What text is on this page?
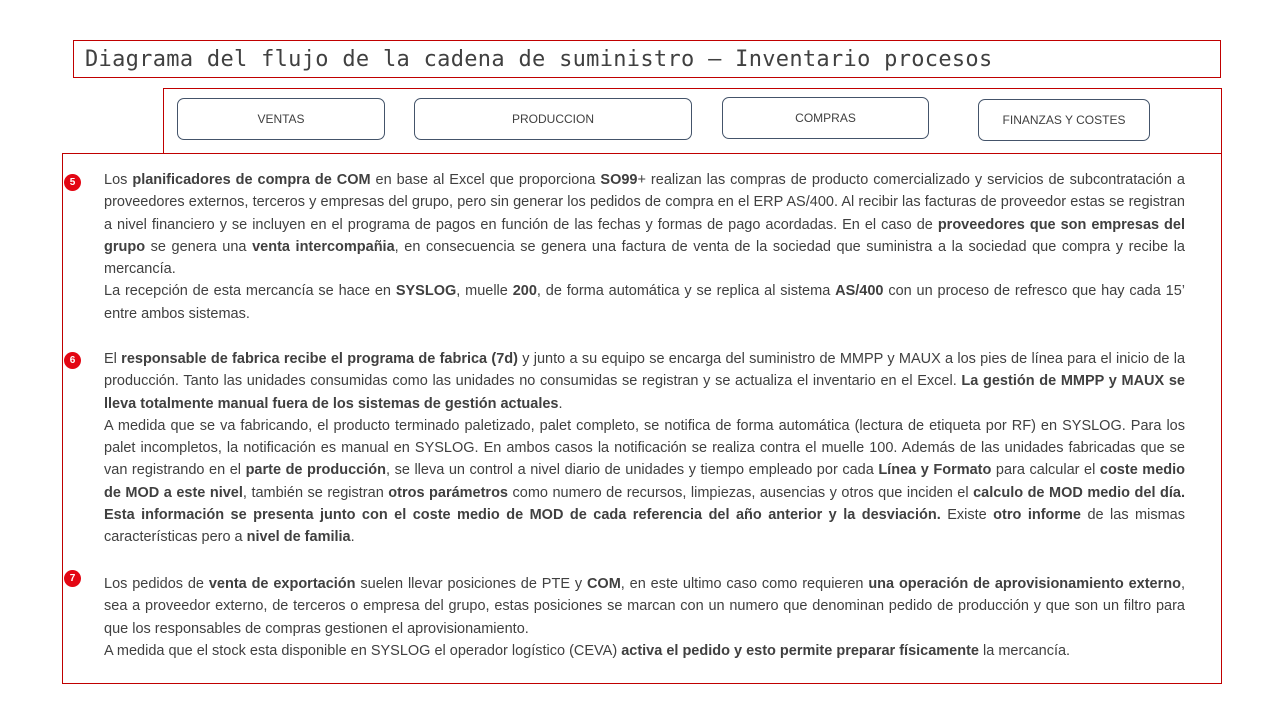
Diagrama del flujo de la cadena de suministro – Inventario procesos
VENTAS	PRODUCCION	COMPRAS	FINANZAS Y COSTES
5
6
7

Los planificadores de compra de COM en base al Excel que proporciona SO99+ realizan las compras de producto comercializado y servicios de subcontratación a proveedores externos, terceros y empresas del grupo, pero sin generar los pedidos de compra en el ERP AS/400. Al recibir las facturas de proveedor estas se registran a nivel financiero y se incluyen en el programa de pagos en función de las fechas y formas de pago acordadas. En el caso de proveedores que son empresas del grupo se genera una venta intercompañia, en consecuencia se genera una factura de venta de la sociedad que suministra a la sociedad que compra y recibe la mercancía.

La recepción de esta mercancía se hace en SYSLOG, muelle 200, de forma automática y se replica al sistema AS/400 con un proceso de refresco que hay cada 15’ entre ambos sistemas.

El responsable de fabrica recibe el programa de fabrica (7d) y junto a su equipo se encarga del suministro de MMPP y MAUX a los pies de línea para el inicio de la producción. Tanto las unidades consumidas como las unidades no consumidas se registran y se actualiza el inventario en el Excel. La gestión de MMPP y MAUX se lleva totalmente manual fuera de los sistemas de gestión actuales.

A medida que se va fabricando, el producto terminado paletizado, palet completo, se notifica de forma automática (lectura de etiqueta por RF) en SYSLOG. Para los palet incompletos, la notificación es manual en SYSLOG. En ambos casos la notificación se realiza contra el muelle 100. Además de las unidades fabricadas que se van registrando en el parte de producción, se lleva un control a nivel diario de unidades y tiempo empleado por cada Línea y Formato para calcular el coste medio de MOD a este nivel, también se registran otros parámetros como numero de recursos, limpiezas, ausencias y otros que inciden el calculo de MOD medio del día. Esta información se presenta junto con el coste medio de MOD de cada referencia del año anterior y la desviación. Existe otro informe de las mismas características pero a nivel de familia.

Los pedidos de venta de exportación suelen llevar posiciones de PTE y COM, en este ultimo caso como requieren una operación de aprovisionamiento externo, sea a proveedor externo, de terceros o empresa del grupo, estas posiciones se marcan con un numero que denominan pedido de producción y que son un filtro para que los responsables de compras gestionen el aprovisionamiento.

A medida que el stock esta disponible en SYSLOG el operador logístico (CEVA) activa el pedido y esto permite preparar físicamente la mercancía.
